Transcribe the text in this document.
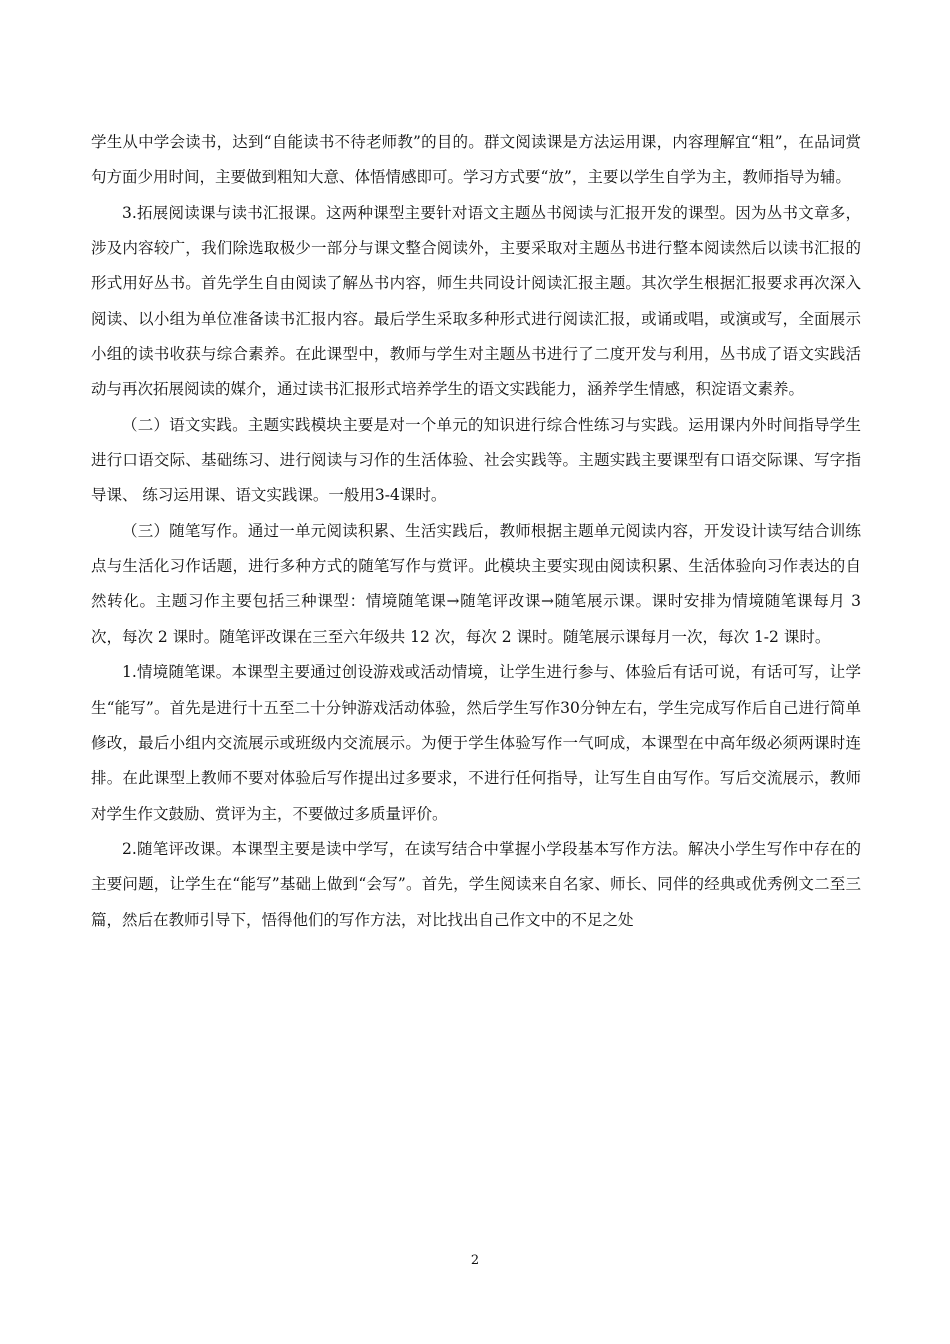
学生从中学会读书，达到“自能读书不待老师教”的目的。群文阅读课是方法运用课，内容理解宜“粗”，在品词赏句方面少用时间，主要做到粗知大意、体悟情感即可。学习方式要“放”，主要以学生自学为主，教师指导为辅。

3.拓展阅读课与读书汇报课。这两种课型主要针对语文主题丛书阅读与汇报开发的课型。因为丛书文章多，涉及内容较广，我们除选取极少一部分与课文整合阅读外，主要采取对主题丛书进行整本阅读然后以读书汇报的形式用好丛书。首先学生自由阅读了解丛书内容，师生共同设计阅读汇报主题。其次学生根据汇报要求再次深入阅读、以小组为单位准备读书汇报内容。最后学生采取多种形式进行阅读汇报，或诵或唱，或演或写，全面展示小组的读书收获与综合素养。在此课型中，教师与学生对主题丛书进行了二度开发与利用，丛书成了语文实践活动与再次拓展阅读的媒介，通过读书汇报形式培养学生的语文实践能力，涵养学生情感，积淀语文素养。

（二）语文实践。主题实践模块主要是对一个单元的知识进行综合性练习与实践。运用课内外时间指导学生进行口语交际、基础练习、进行阅读与习作的生活体验、社会实践等。主题实践主要课型有口语交际课、写字指导课、 练习运用课、语文实践课。一般用3-4课时。

（三）随笔写作。通过一单元阅读积累、生活实践后，教师根据主题单元阅读内容，开发设计读写结合训练点与生活化习作话题，进行多种方式的随笔写作与赏评。此模块主要实现由阅读积累、生活体验向习作表达的自然转化。主题习作主要包括三种课型：情境随笔课→随笔评改课→随笔展示课。课时安排为情境随笔课每月 3 次，每次 2 课时。随笔评改课在三至六年级共 12 次，每次 2 课时。随笔展示课每月一次，每次 1-2 课时。

1.情境随笔课。本课型主要通过创设游戏或活动情境，让学生进行参与、体验后有话可说，有话可写，让学生“能写”。首先是进行十五至二十分钟游戏活动体验，然后学生写作30分钟左右，学生完成写作后自己进行简单修改，最后小组内交流展示或班级内交流展示。为便于学生体验写作一气呵成，本课型在中高年级必须两课时连排。在此课型上教师不要对体验后写作提出过多要求，不进行任何指导，让写生自由写作。写后交流展示，教师对学生作文鼓励、赏评为主，不要做过多质量评价。

2.随笔评改课。本课型主要是读中学写，在读写结合中掌握小学段基本写作方法。解决小学生写作中存在的主要问题，让学生在“能写”基础上做到“会写”。首先，学生阅读来自名家、师长、同伴的经典或优秀例文二至三篇，然后在教师引导下，悟得他们的写作方法，对比找出自己作文中的不足之处

2
